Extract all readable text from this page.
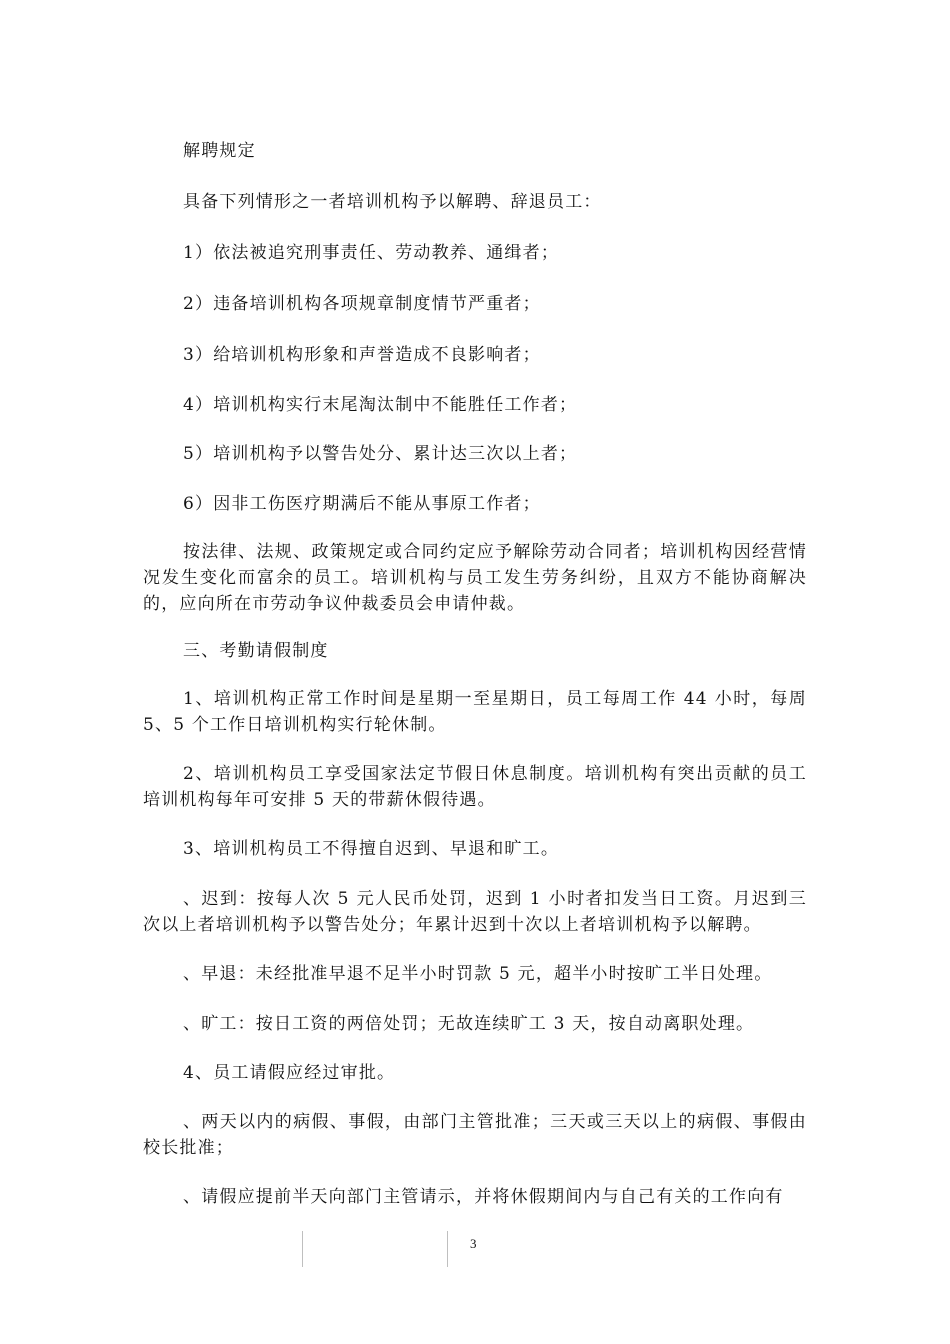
解聘规定

具备下列情形之一者培训机构予以解聘、辞退员工：

1）依法被追究刑事责任、劳动教养、通缉者；

2）违备培训机构各项规章制度情节严重者；

3）给培训机构形象和声誉造成不良影响者；

4）培训机构实行末尾淘汰制中不能胜任工作者；

5）培训机构予以警告处分、累计达三次以上者；

6）因非工伤医疗期满后不能从事原工作者；

按法律、法规、政策规定或合同约定应予解除劳动合同者；培训机构因经营情况发生变化而富余的员工。培训机构与员工发生劳务纠纷，且双方不能协商解决的，应向所在市劳动争议仲裁委员会申请仲裁。

三、考勤请假制度

1、培训机构正常工作时间是星期一至星期日，员工每周工作 44 小时，每周 5、5 个工作日培训机构实行轮休制。

2、培训机构员工享受国家法定节假日休息制度。培训机构有突出贡献的员工培训机构每年可安排 5 天的带薪休假待遇。

3、培训机构员工不得擅自迟到、早退和旷工。

、迟到：按每人次 5 元人民币处罚，迟到 1 小时者扣发当日工资。月迟到三次以上者培训机构予以警告处分；年累计迟到十次以上者培训机构予以解聘。

、早退：未经批准早退不足半小时罚款 5 元，超半小时按旷工半日处理。

、旷工：按日工资的两倍处罚；无故连续旷工 3 天，按自动离职处理。

4、员工请假应经过审批。

、两天以内的病假、事假，由部门主管批准；三天或三天以上的病假、事假由校长批准；

、请假应提前半天向部门主管请示，并将休假期间内与自己有关的工作向有

3
